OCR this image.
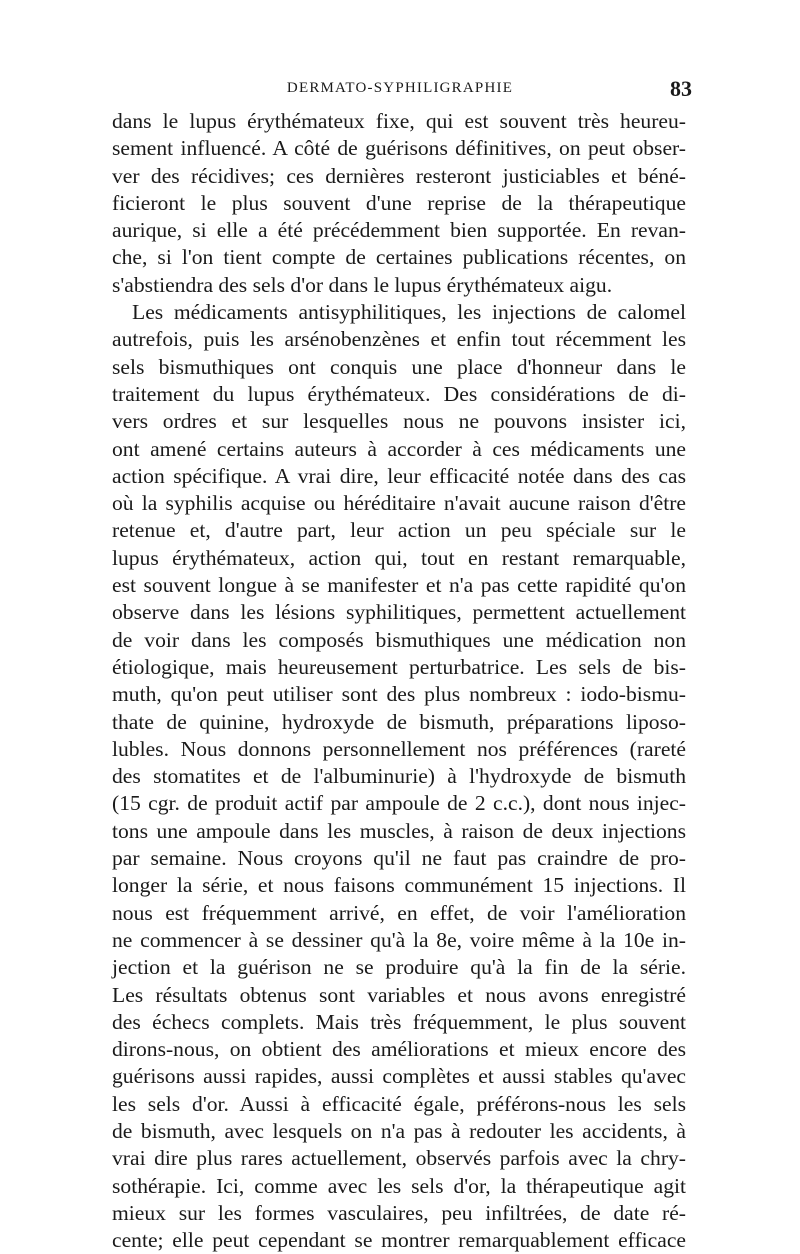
DERMATO-SYPHILIGRAPHIE	83
dans le lupus érythémateux fixe, qui est souvent très heureu-
sement influencé. A côté de guérisons définitives, on peut obser-
ver des récidives; ces dernières resteront justiciables et béné-
ficieront le plus souvent d'une reprise de la thérapeutique
aurique, si elle a été précédemment bien supportée. En revan-
che, si l'on tient compte de certaines publications récentes, on
s'abstiendra des sels d'or dans le lupus érythémateux aigu.
Les médicaments antisyphilitiques, les injections de calomel
autrefois, puis les arsénobenzènes et enfin tout récemment les
sels bismuthiques ont conquis une place d'honneur dans le
traitement du lupus érythémateux. Des considérations de di-
vers ordres et sur lesquelles nous ne pouvons insister ici,
ont amené certains auteurs à accorder à ces médicaments une
action spécifique. A vrai dire, leur efficacité notée dans des cas
où la syphilis acquise ou héréditaire n'avait aucune raison d'être
retenue et, d'autre part, leur action un peu spéciale sur le
lupus érythémateux, action qui, tout en restant remarquable,
est souvent longue à se manifester et n'a pas cette rapidité qu'on
observe dans les lésions syphilitiques, permettent actuellement
de voir dans les composés bismuthiques une médication non
étiologique, mais heureusement perturbatrice. Les sels de bis-
muth, qu'on peut utiliser sont des plus nombreux : iodo-bismu-
thate de quinine, hydroxyde de bismuth, préparations liposo-
lubles. Nous donnons personnellement nos préférences (rareté
des stomatites et de l'albuminurie) à l'hydroxyde de bismuth
(15 cgr. de produit actif par ampoule de 2 c.c.), dont nous injec-
tons une ampoule dans les muscles, à raison de deux injections
par semaine. Nous croyons qu'il ne faut pas craindre de pro-
longer la série, et nous faisons communément 15 injections. Il
nous est fréquemment arrivé, en effet, de voir l'amélioration
ne commencer à se dessiner qu'à la 8e, voire même à la 10e in-
jection et la guérison ne se produire qu'à la fin de la série.
Les résultats obtenus sont variables et nous avons enregistré
des échecs complets. Mais très fréquemment, le plus souvent
dirons-nous, on obtient des améliorations et mieux encore des
guérisons aussi rapides, aussi complètes et aussi stables qu'avec
les sels d'or. Aussi à efficacité égale, préférons-nous les sels
de bismuth, avec lesquels on n'a pas à redouter les accidents, à
vrai dire plus rares actuellement, observés parfois avec la chry-
sothérapie. Ici, comme avec les sels d'or, la thérapeutique agit
mieux sur les formes vasculaires, peu infiltrées, de date ré-
cente; elle peut cependant se montrer remarquablement efficace
